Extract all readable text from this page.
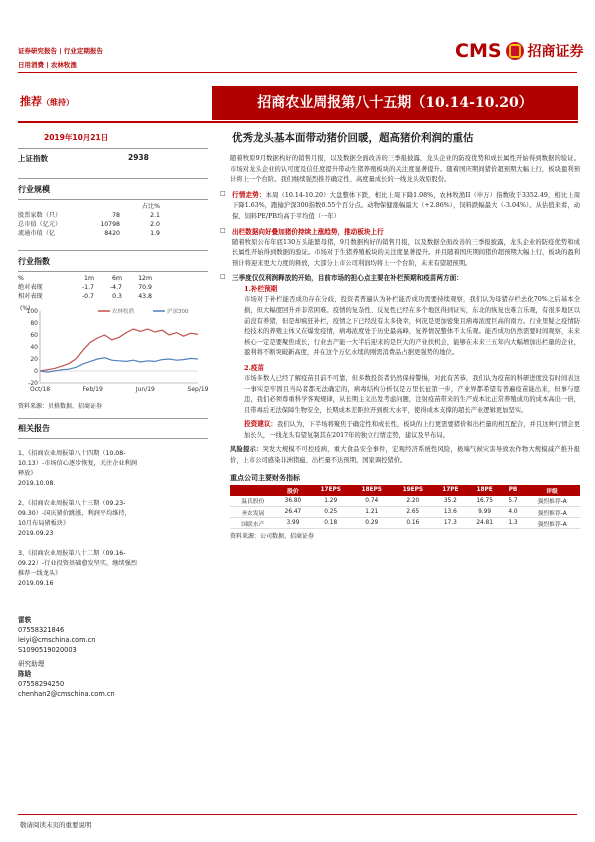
证券研究报告 | 行业定期报告
日用消费 | 农林牧渔
CMS 招商证券
推荐（维持）	招商农业周报第八十五期（10.14-10.20）
2019年10月21日	优秀龙头基本面带动猪价回暖，超高猪价利润的重估
上证指数	2938
行业规模
占比%
股票家数（只）	78	2.1
总市值（亿元）	10798	2.0
流通市值（亿	8420	1.9
行业指数
%	1m	6m	12m
绝对表现	-1.7	-4.7	70.9
相对表现	-0.7	0.3	43.8
100
80
60
40
20
0
-20
(%)
Oct/18	Feb/19	Jun/19	Sep/19
农林牧渔	沪深300
资料来源：贝格数据、招商证券
相关报告
1、《招商农业周报第八十四期（10.08-10.13）-市场信心逐步恢复，关注企业利润释放》
2019.10.08.
2、《招商农业周报第八十三期（09.23-09.30）-国庆猪价跳涨，利润平均维持，10月布局猪板块》
2019.09.23
3、《招商农业周报第八十二期（09.16-09.22）-行业投资基础愈发坚实，继续强烈推荐一线龙头》
2019.09.16
雷轶
07558321846
leiyi@cmschina.com.cn
S1090519020003
研究助理
陈晗
07558294250
chenhan2@cmschina.com.cn
随着牧原9月数据构好的销售月报，以及数据全面改善的三季报披露，龙头企业的防疫优势和成长属性开始得到数据的验证。市场对龙头企业的认可度及信任度提升带动生猪养殖板块的关注度显著提升。随着国庆期间猪价超预期大幅上行，板块盈利预计将上一个台阶。我们继续强烈推荐确定性、高度量成长的一线龙头效原股份。
□ 行情走势：本周（10.14-10.20）大盘整体下跌，相比上周下降1.08%，农林牧渔II（申万）指数收于3352.49，相比上周下降1.63%，跑输沪深300指数0.55个百分点。动物保健涨幅最大（+2.86%），饲料跌幅最大（-3.04%）。从估值来看，动保、饲料PE/PB均高于平均值（一年）
□ 出栏数据向好叠加猪价持续上涨趋势，推动板块上行
随着牧原公布年底130万头能繁母猪，9月数据构好的销售月报，以及数据全面改善的三季报披露，龙头企业的防疫优势和成长属性开始得到数据的验证。市场对于生猪养殖板块的关注度显著提升。并且随着国庆期间猪价超预期大幅上行，板块的盈利预计将迎来更大力度的释放，大部分上市公司利润均将上一个台阶，未来有望超预期。
□ 三季度仅仅利润释放的开始，目前市场的担心点主要在补栏预期和疫苗两方面：
1.补栏预期
市场对于补栏能否成功存在分歧，投资者普遍认为补栏能否成功需要持续观察，我们认为母猪存栏去化70%之后基本全损，但大幅度回升并非常困难。疫情的复杂性、反复性已经在多个地区得到证实，东北的恢复也难言乐观，有很多地区以前没有养猪，但是却疯狂补栏，疫情之下已经没有太多侥幸，何况是更加密集且病毒浓度巨高的南方。行业里疑之疫情防控技术的养殖主体又在爆发疫情，病毒浓度处于历史最高峰，复养情况整体不太乐观。能否成功仍然需要时间观察，未来核心一定是要聚焦成长，行业去产能一大半后迎来的是巨大的产业扶机会，能够在未来三五年内大幅增加出栏量的企业，盈利将不断突破新高度，并在这个万亿水续的刚需消费品占据更强势的地位。
2.疫苗
市场多数人已经了解疫苗目前不可靠，但多数投资者仍然保持警惕，对此有苦恭，我们认为疫苗的科研进度没有时间表这一事实是牢固且当局者都无法确定的，病毒结构分析仅是万里长征第一步，产业界都希望有普遍疫苗能出来，但事与愿违，我们必须尊重科学客观规律，从长期主义出发考虑问题，注射疫苗带来的生产成本比正常养殖成功的成本高出一倍，且带毒后无法保障生物安全，长期成本差距拉开到极大水平，使得成本支撑的超长产业逻辑更加坚实。
投资建议：我们认为，下半场将聚焦于确定性和成长性，板块的上行更需要猪价和出栏量的相互配合，并且这种行情会更加长久，一线龙头有望复制其在2017年的独立行情走势，建议及早布局。
风险提示：突发大规模不可控疫病，重大食品安全事件，宏观经济系统性风险，极端气候灾害导致农作物大规模减产推升报价，上市公司感染非洲猪瘟、出栏量不达预期，国家调控猪价。
重点公司主要财务指标
	股价	17EPS	18EPS	19EPS	17PE	18PE	PB	评级
温氏股份	36.80	1.29	0.74	2.20	35.2	16.75	5.7	强烈推荐-A
圣农发展	26.47	0.25	1.21	2.65	13.6	9.99	4.0	强烈推荐-A
国联水产	3.99	0.18	0.29	0.16	17.3	24.81	1.3	强烈推荐-A
资料来源：公司数据、招商证券
敬请阅读末页的重要说明
